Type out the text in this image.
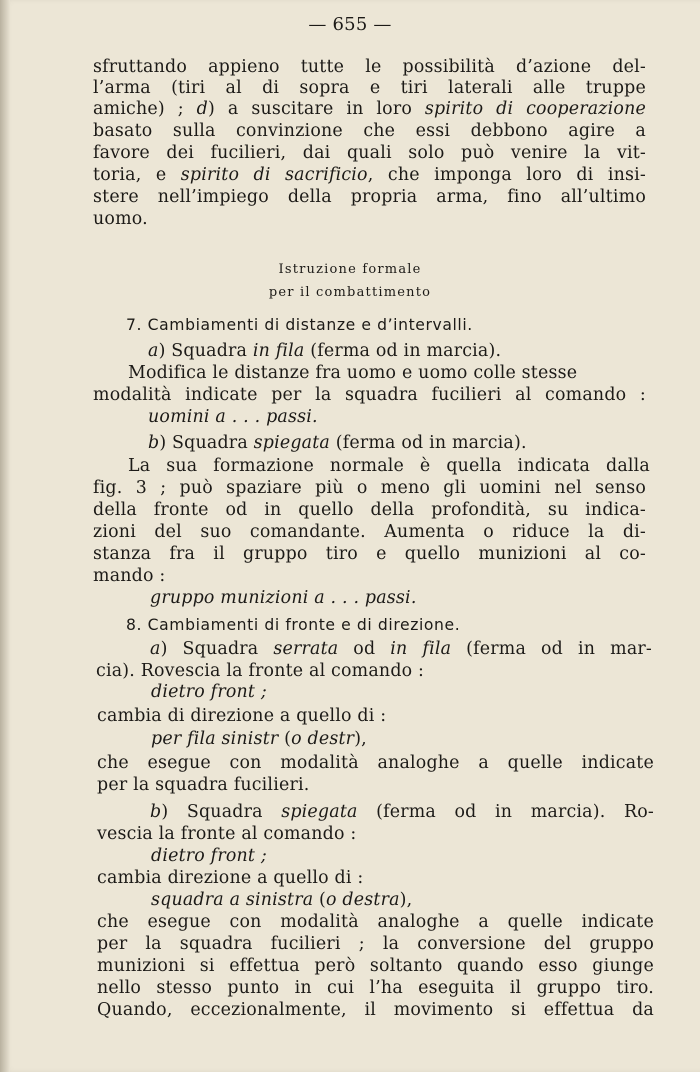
— 655 —
sfruttando appieno tutte le possibilità d’azione del-
l’arma (tiri al di sopra e tiri laterali alle truppe
amiche) ; d) a suscitare in loro spirito di cooperazione
basato sulla convinzione che essi debbono agire a
favore dei fucilieri, dai quali solo può venire la vit-
toria, e spirito di sacrificio, che imponga loro di insi-
stere nell’impiego della propria arma, fino all’ultimo
uomo.
Istruzione formale
per il combattimento
7. Cambiamenti di distanze e d’intervalli.
a) Squadra in fila (ferma od in marcia).
Modifica le distanze fra uomo e uomo colle stesse
modalità indicate per la squadra fucilieri al comando :
uomini a . . . passi.
b) Squadra spiegata (ferma od in marcia).
La sua formazione normale è quella indicata dalla
fig. 3 ; può spaziare più o meno gli uomini nel senso
della fronte od in quello della profondità, su indica-
zioni del suo comandante. Aumenta o riduce la di-
stanza fra il gruppo tiro e quello munizioni al co-
mando :
gruppo munizioni a . . . passi.
8. Cambiamenti di fronte e di direzione.
a) Squadra serrata od in fila (ferma od in mar-
cia). Rovescia la fronte al comando :
dietro front ;
cambia di direzione a quello di :
per fila sinistr (o destr),
che esegue con modalità analoghe a quelle indicate
per la squadra fucilieri.
b) Squadra spiegata (ferma od in marcia). Ro-
vescia la fronte al comando :
dietro front ;
cambia direzione a quello di :
squadra a sinistra (o destra),
che esegue con modalità analoghe a quelle indicate
per la squadra fucilieri ; la conversione del gruppo
munizioni si effettua però soltanto quando esso giunge
nello stesso punto in cui l’ha eseguita il gruppo tiro.
Quando, eccezionalmente, il movimento si effettua da
